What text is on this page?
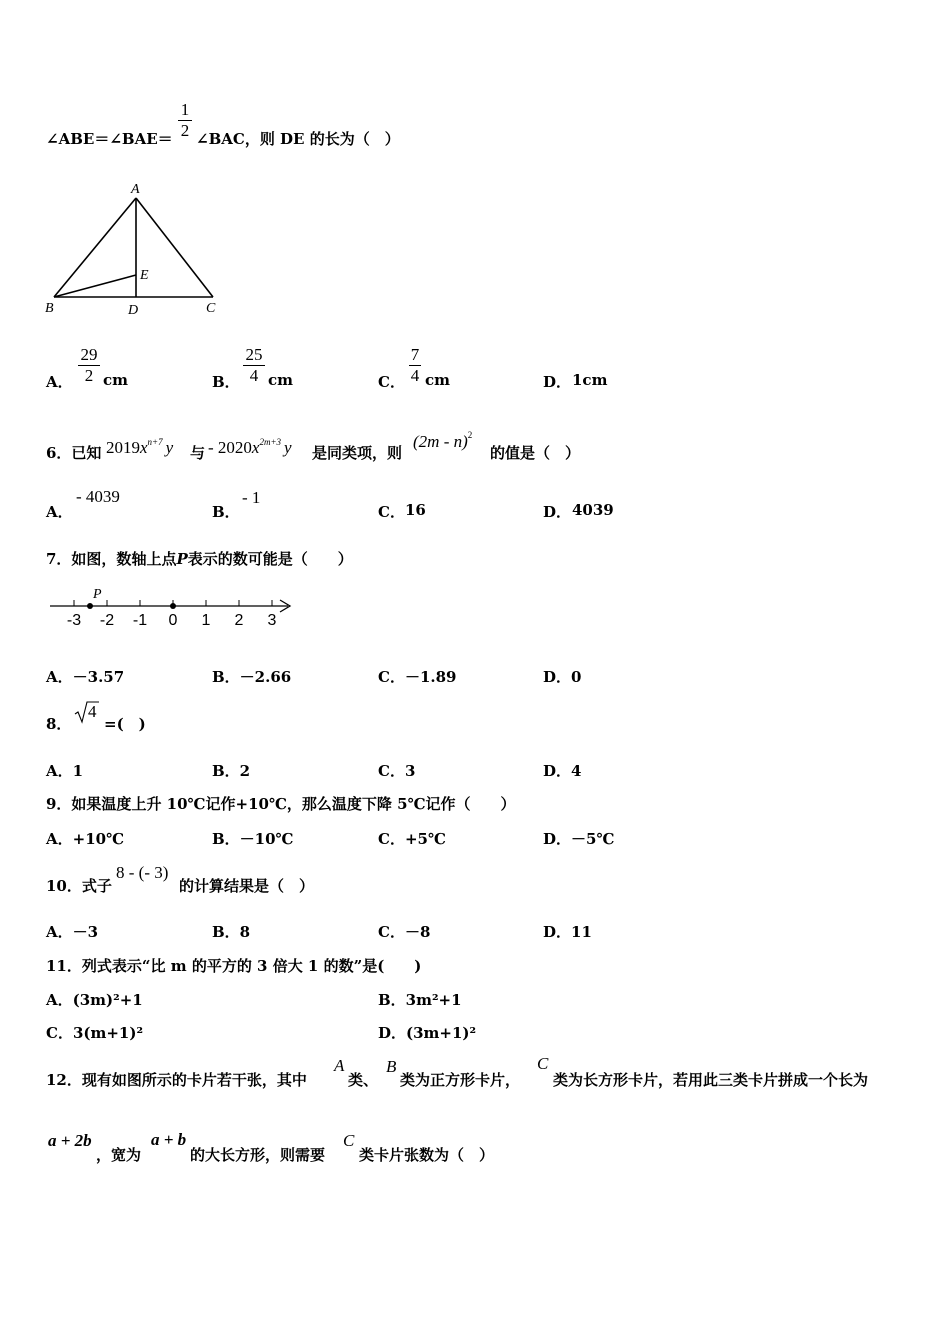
1
2
∠ABE＝∠BAE＝ ∠BAC，则 DE 的长为（　）
A
E
B	D	C
A．
29
2 cm	B．
25
4 cm	C．
7
4 cm	D． 1cm
6．已知 $2019x^{n+7}$ y 与 - $2020x^{2m+3}$ y 是同类项，则
(2m - n)$^2$
的值是（　）
A．
- 4039
B．
- 1
C． 16	D． 4039
7．如图，数轴上点P表示的数可能是（　　）
-3 -2 -1 0 1 2 3
P
A．－3.57	B．－2.66	C．－1.89	D．0
8．
4
=(　)
A．1	B．2	C．3	D．4
9．如果温度上升 10℃记作+10℃，那么温度下降 5℃记作（　　）
A．+10℃	B．－10℃	C．+5℃	D．－5℃
10．式子
8 - (- 3)
的计算结果是（　）
A．－3	B．8	C．－8	D．11
11．列式表示“比 m 的平方的 3 倍大 1 的数”是(　　)
A．(3m)²+1	B．3m²+1
C．3(m+1)²	D．(3m+1)²
12．现有如图所示的卡片若干张，其中
A
类、
B
类为正方形卡片，
C
类为长方形卡片，若用此三类卡片拼成一个长为
a + 2b
，宽为
a + b
的大长方形，则需要
C
类卡片张数为（　）
